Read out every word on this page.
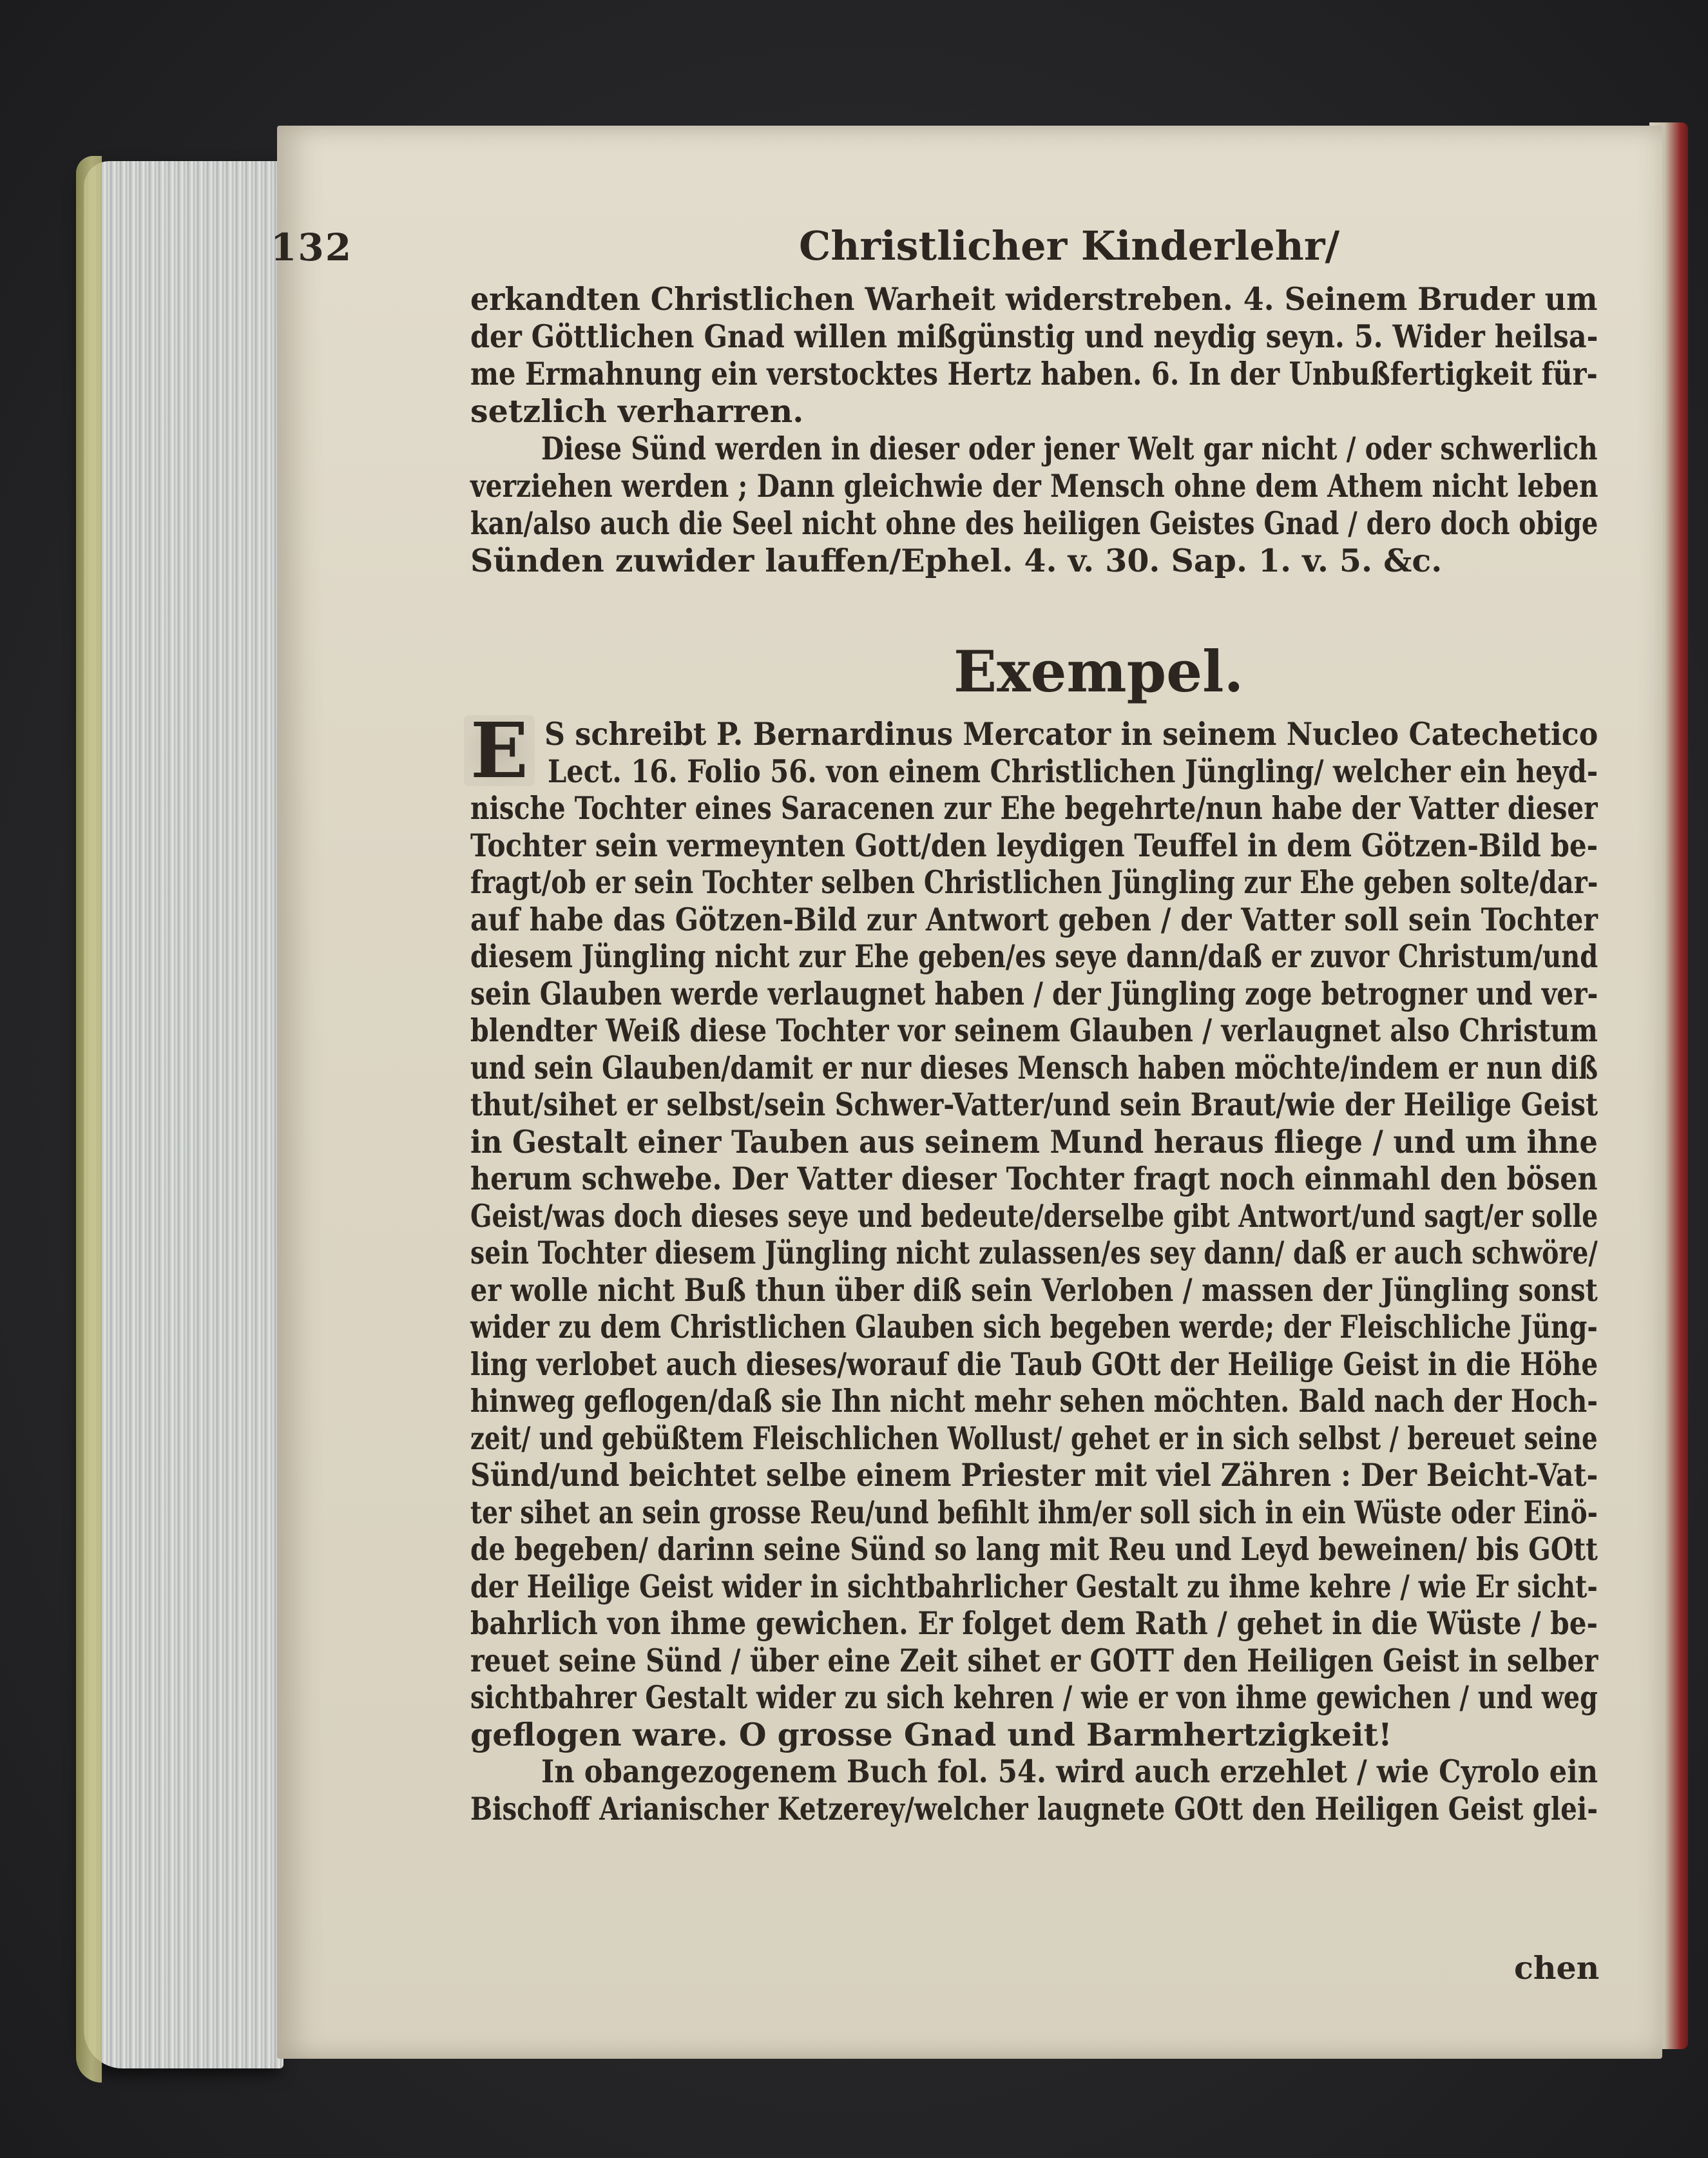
132	Christlicher Kinderlehr/
erkandten Christlichen Warheit widerstreben. 4. Seinem Bruder um
der Göttlichen Gnad willen mißgünstig und neydig seyn. 5. Wider heilsa-
me Ermahnung ein verstocktes Hertz haben. 6. In der Unbußfertigkeit für-
setzlich verharren.
Diese Sünd werden in dieser oder jener Welt gar nicht / oder schwerlich
verziehen werden ; Dann gleichwie der Mensch ohne dem Athem nicht leben
kan/also auch die Seel nicht ohne des heiligen Geistes Gnad / dero doch obige
Sünden zuwider lauffen/Ephel. 4. v. 30. Sap. 1. v. 5. &c.
Exempel.
E S schreibt P. Bernardinus Mercator in seinem Nucleo Catechetico
Lect. 16. Folio 56. von einem Christlichen Jüngling/ welcher ein heyd-
nische Tochter eines Saracenen zur Ehe begehrte/nun habe der Vatter dieser
Tochter sein vermeynten Gott/den leydigen Teuffel in dem Götzen-Bild be-
fragt/ob er sein Tochter selben Christlichen Jüngling zur Ehe geben solte/dar-
auf habe das Götzen-Bild zur Antwort geben / der Vatter soll sein Tochter
diesem Jüngling nicht zur Ehe geben/es seye dann/daß er zuvor Christum/und
sein Glauben werde verlaugnet haben / der Jüngling zoge betrogner und ver-
blendter Weiß diese Tochter vor seinem Glauben / verlaugnet also Christum
und sein Glauben/damit er nur dieses Mensch haben möchte/indem er nun diß
thut/sihet er selbst/sein Schwer-Vatter/und sein Braut/wie der Heilige Geist
in Gestalt einer Tauben aus seinem Mund heraus fliege / und um ihne
herum schwebe. Der Vatter dieser Tochter fragt noch einmahl den bösen
Geist/was doch dieses seye und bedeute/derselbe gibt Antwort/und sagt/er solle
sein Tochter diesem Jüngling nicht zulassen/es sey dann/ daß er auch schwöre/
er wolle nicht Buß thun über diß sein Verloben / massen der Jüngling sonst
wider zu dem Christlichen Glauben sich begeben werde; der Fleischliche Jüng-
ling verlobet auch dieses/worauf die Taub GOtt der Heilige Geist in die Höhe
hinweg geflogen/daß sie Ihn nicht mehr sehen möchten. Bald nach der Hoch-
zeit/ und gebüßtem Fleischlichen Wollust/ gehet er in sich selbst / bereuet seine
Sünd/und beichtet selbe einem Priester mit viel Zähren : Der Beicht-Vat-
ter sihet an sein grosse Reu/und befihlt ihm/er soll sich in ein Wüste oder Einö-
de begeben/ darinn seine Sünd so lang mit Reu und Leyd beweinen/ bis GOtt
der Heilige Geist wider in sichtbahrlicher Gestalt zu ihme kehre / wie Er sicht-
bahrlich von ihme gewichen. Er folget dem Rath / gehet in die Wüste / be-
reuet seine Sünd / über eine Zeit sihet er GOTT den Heiligen Geist in selber
sichtbahrer Gestalt wider zu sich kehren / wie er von ihme gewichen / und weg
geflogen ware. O grosse Gnad und Barmhertzigkeit!
In obangezogenem Buch fol. 54. wird auch erzehlet / wie Cyrolo ein
Bischoff Arianischer Ketzerey/welcher laugnete GOtt den Heiligen Geist glei-
chen
